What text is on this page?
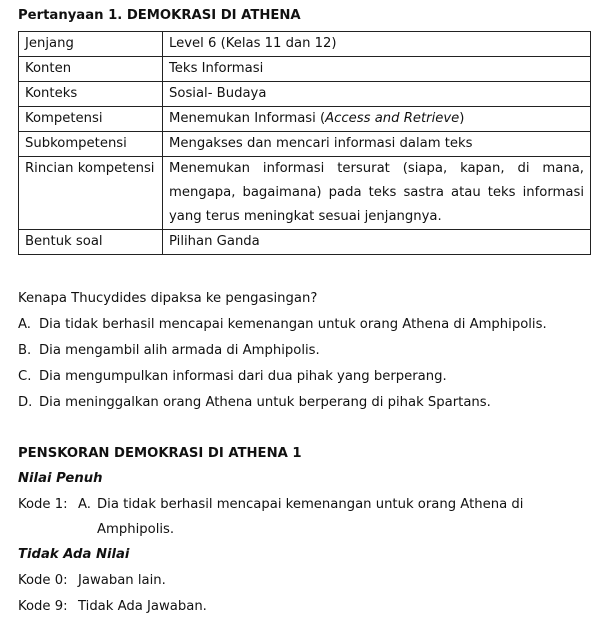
Pertanyaan 1. DEMOKRASI DI ATHENA
Jenjang	Level 6 (Kelas 11 dan 12)
Konten	Teks Informasi
Konteks	Sosial- Budaya
Kompetensi	Menemukan Informasi (Access and Retrieve)
Subkompetensi	Mengakses dan mencari informasi dalam teks
Rincian kompetensi	Menemukan informasi tersurat (siapa, kapan, di mana, mengapa, bagaimana) pada teks sastra atau teks informasi yang terus meningkat sesuai jenjangnya.
Bentuk soal	Pilihan Ganda
Kenapa Thucydides dipaksa ke pengasingan?
A. Dia tidak berhasil mencapai kemenangan untuk orang Athena di Amphipolis.
B. Dia mengambil alih armada di Amphipolis.
C. Dia mengumpulkan informasi dari dua pihak yang berperang.
D. Dia meninggalkan orang Athena untuk berperang di pihak Spartans.
PENSKORAN DEMOKRASI DI ATHENA 1
Nilai Penuh
Kode 1: A. Dia tidak berhasil mencapai kemenangan untuk orang Athena di
Amphipolis.
Tidak Ada Nilai
Kode 0: Jawaban lain.
Kode 9: Tidak Ada Jawaban.
